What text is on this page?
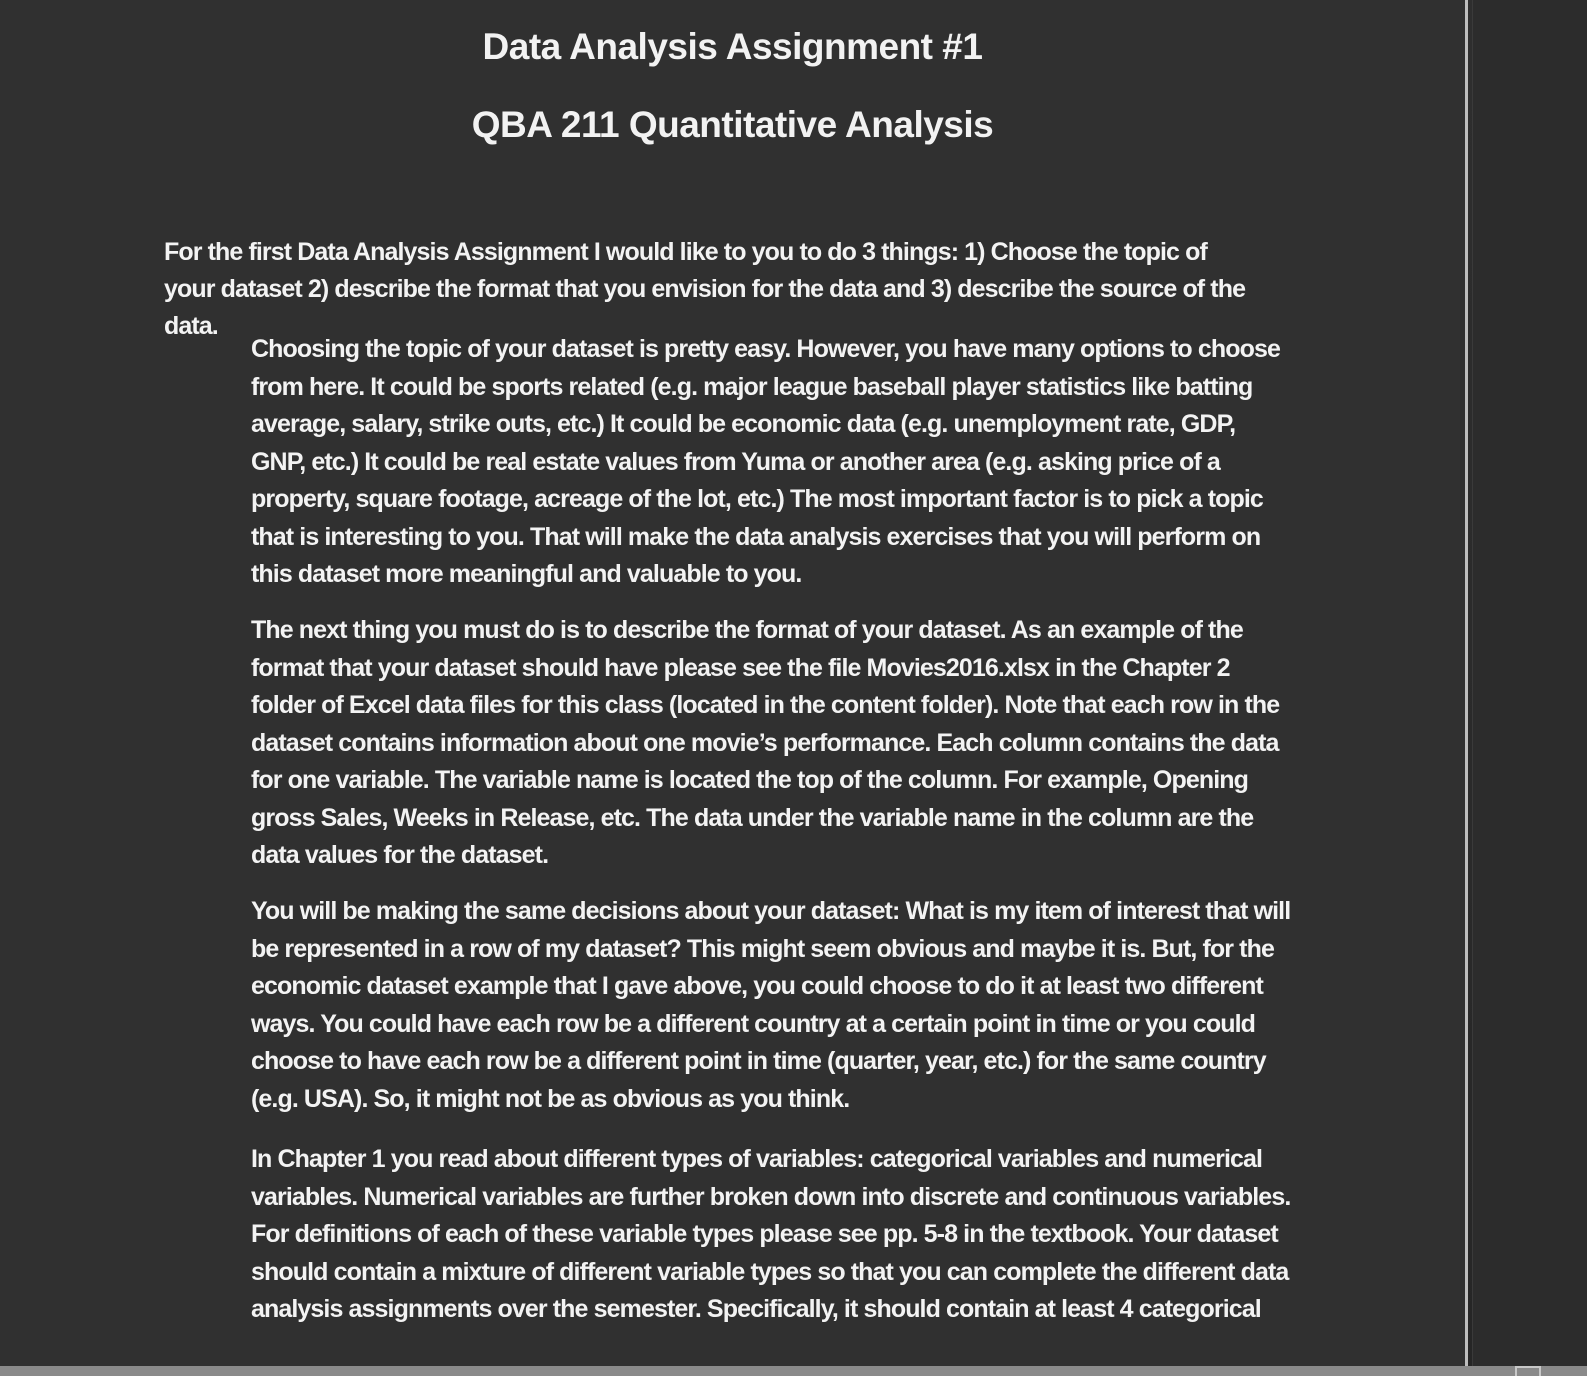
Data Analysis Assignment #1
QBA 211 Quantitative Analysis
For the first Data Analysis Assignment I would like to you to do 3 things: 1) Choose the topic of your dataset 2) describe the format that you envision for the data and 3) describe the source of the data.

Choosing the topic of your dataset is pretty easy. However, you have many options to choose from here. It could be sports related (e.g. major league baseball player statistics like batting average, salary, strike outs, etc.) It could be economic data (e.g. unemployment rate, GDP, GNP, etc.) It could be real estate values from Yuma or another area (e.g. asking price of a property, square footage, acreage of the lot, etc.) The most important factor is to pick a topic that is interesting to you. That will make the data analysis exercises that you will perform on this dataset more meaningful and valuable to you.

The next thing you must do is to describe the format of your dataset. As an example of the format that your dataset should have please see the file Movies2016.xlsx in the Chapter 2 folder of Excel data files for this class (located in the content folder). Note that each row in the dataset contains information about one movie’s performance. Each column contains the data for one variable. The variable name is located the top of the column. For example, Opening gross Sales, Weeks in Release, etc. The data under the variable name in the column are the data values for the dataset.

You will be making the same decisions about your dataset: What is my item of interest that will be represented in a row of my dataset? This might seem obvious and maybe it is. But, for the economic dataset example that I gave above, you could choose to do it at least two different ways. You could have each row be a different country at a certain point in time or you could choose to have each row be a different point in time (quarter, year, etc.) for the same country (e.g. USA). So, it might not be as obvious as you think.

In Chapter 1 you read about different types of variables: categorical variables and numerical variables. Numerical variables are further broken down into discrete and continuous variables. For definitions of each of these variable types please see pp. 5-8 in the textbook. Your dataset should contain a mixture of different variable types so that you can complete the different data analysis assignments over the semester. Specifically, it should contain at least 4 categorical
